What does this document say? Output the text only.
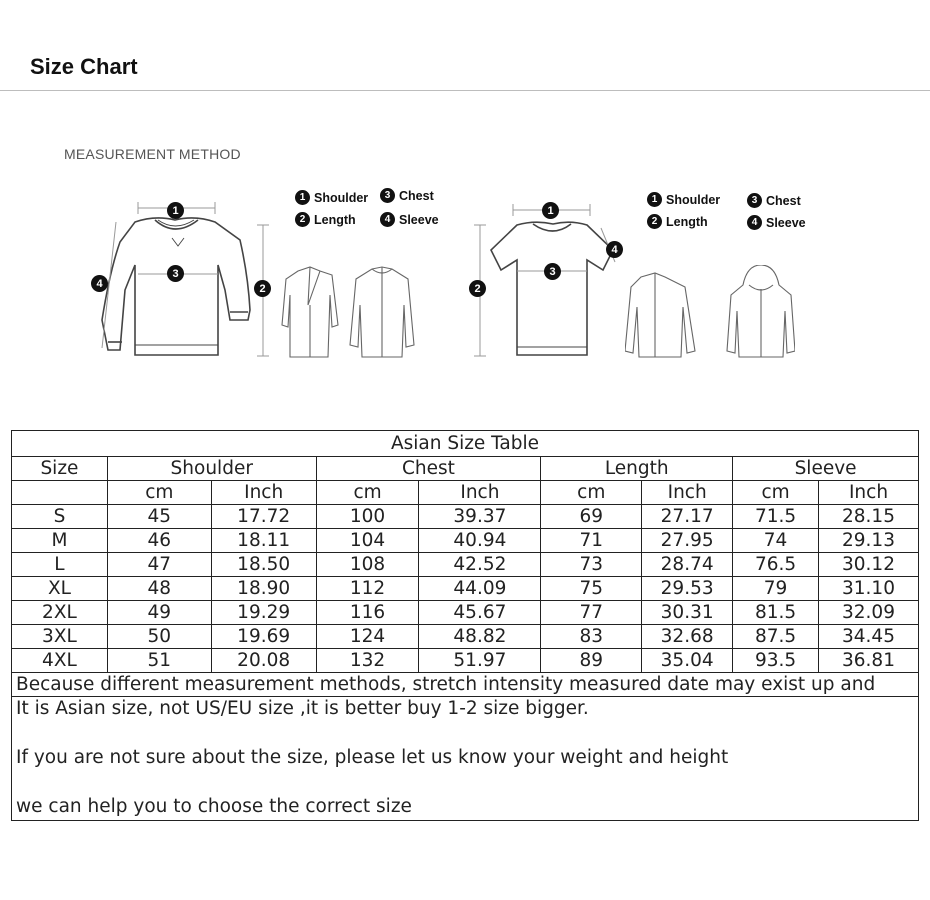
Size Chart
MEASUREMENT METHOD
1
3
2
4
1 Shoulder	3 Chest
2 Length	4 Sleeve
1
3
2
4
1 Shoulder	3 Chest
2 Length	4 Sleeve
Asian Size Table								
Size	Shoulder		Chest		Length		Sleeve	
	cm	Inch	cm	Inch	cm	Inch	cm	Inch
S	45	17.72	100	39.37	69	27.17	71.5	28.15
M	46	18.11	104	40.94	71	27.95	74	29.13
L	47	18.50	108	42.52	73	28.74	76.5	30.12
XL	48	18.90	112	44.09	75	29.53	79	31.10
2XL	49	19.29	116	45.67	77	30.31	81.5	32.09
3XL	50	19.69	124	48.82	83	32.68	87.5	34.45
4XL	51	20.08	132	51.97	89	35.04	93.5	36.81
Because different measurement methods, stretch intensity measured date may exist up and								

It is Asian size, not US/EU size ,it is better buy 1-2 size bigger.
If you are not sure about the size, please let us know your weight and height
we can help you to choose the correct size								
